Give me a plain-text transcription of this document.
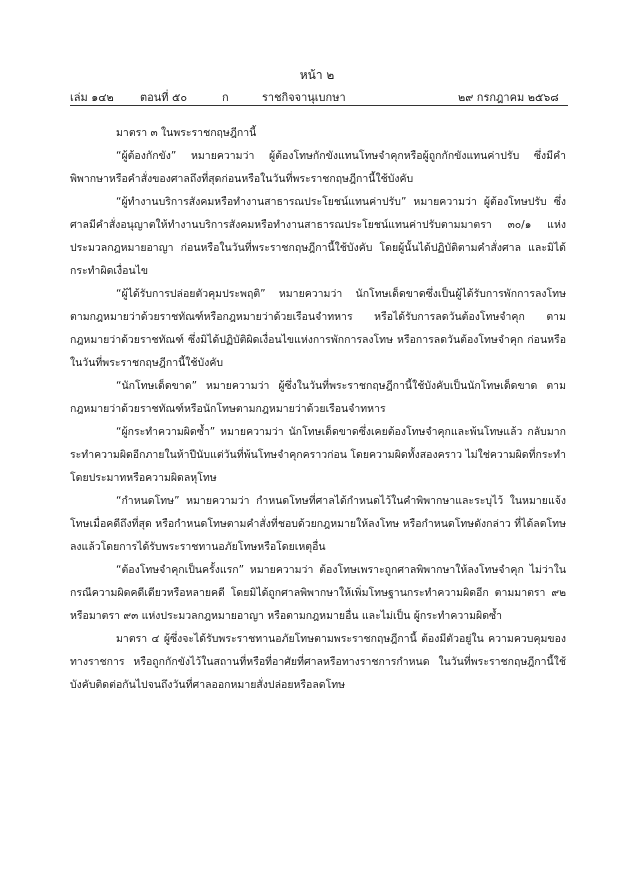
หน้า ๒
เล่ม ๑๔๒ ตอนที่ ๕๐	ก	ราชกิจจานุเบกษา	๒๙ กรกฎาคม ๒๕๖๘

มาตรา ๓ ในพระราชกฤษฎีกานี้

“ผู้ต้องกักขัง” หมายความว่า ผู้ต้องโทษกักขังแทนโทษจำคุกหรือผู้ถูกกักขังแทนค่าปรับ ซึ่งมีคำพิพากษาหรือคำสั่งของศาลถึงที่สุดก่อนหรือในวันที่พระราชกฤษฎีกานี้ใช้บังคับ

“ผู้ทำงานบริการสังคมหรือทำงานสาธารณประโยชน์แทนค่าปรับ” หมายความว่า ผู้ต้องโทษปรับ ซึ่งศาลมีคำสั่งอนุญาตให้ทำงานบริการสังคมหรือทำงานสาธารณประโยชน์แทนค่าปรับตามมาตรา ๓๐/๑ แห่งประมวลกฎหมายอาญา ก่อนหรือในวันที่พระราชกฤษฎีกานี้ใช้บังคับ โดยผู้นั้นได้ปฏิบัติตามคำสั่งศาล และมิได้กระทำผิดเงื่อนไข

“ผู้ได้รับการปล่อยตัวคุมประพฤติ” หมายความว่า นักโทษเด็ดขาดซึ่งเป็นผู้ได้รับการพักการลงโทษ ตามกฎหมายว่าด้วยราชทัณฑ์หรือกฎหมายว่าด้วยเรือนจำทหาร หรือได้รับการลดวันต้องโทษจำคุก ตามกฎหมายว่าด้วยราชทัณฑ์ ซึ่งมิได้ปฏิบัติผิดเงื่อนไขแห่งการพักการลงโทษ หรือการลดวันต้องโทษจำคุก ก่อนหรือในวันที่พระราชกฤษฎีกานี้ใช้บังคับ

“นักโทษเด็ดขาด” หมายความว่า ผู้ซึ่งในวันที่พระราชกฤษฎีกานี้ใช้บังคับเป็นนักโทษเด็ดขาด ตามกฎหมายว่าด้วยราชทัณฑ์หรือนักโทษตามกฎหมายว่าด้วยเรือนจำทหาร

“ผู้กระทำความผิดซ้ำ” หมายความว่า นักโทษเด็ดขาดซึ่งเคยต้องโทษจำคุกและพ้นโทษแล้ว กลับมากระทำความผิดอีกภายในห้าปีนับแต่วันที่พ้นโทษจำคุกคราวก่อน โดยความผิดทั้งสองคราว ไม่ใช่ความผิดที่กระทำโดยประมาทหรือความผิดลหุโทษ

“กำหนดโทษ” หมายความว่า กำหนดโทษที่ศาลได้กำหนดไว้ในคำพิพากษาและระบุไว้ ในหมายแจ้งโทษเมื่อคดีถึงที่สุด หรือกำหนดโทษตามคำสั่งที่ชอบด้วยกฎหมายให้ลงโทษ หรือกำหนดโทษดังกล่าว ที่ได้ลดโทษลงแล้วโดยการได้รับพระราชทานอภัยโทษหรือโดยเหตุอื่น

“ต้องโทษจำคุกเป็นครั้งแรก” หมายความว่า ต้องโทษเพราะถูกศาลพิพากษาให้ลงโทษจำคุก ไม่ว่าในกรณีความผิดคดีเดียวหรือหลายคดี โดยมิได้ถูกศาลพิพากษาให้เพิ่มโทษฐานกระทำความผิดอีก ตามมาตรา ๙๒ หรือมาตรา ๙๓ แห่งประมวลกฎหมายอาญา หรือตามกฎหมายอื่น และไม่เป็น ผู้กระทำความผิดซ้ำ

มาตรา ๔ ผู้ซึ่งจะได้รับพระราชทานอภัยโทษตามพระราชกฤษฎีกานี้ ต้องมีตัวอยู่ใน ความควบคุมของทางราชการ หรือถูกกักขังไว้ในสถานที่หรือที่อาศัยที่ศาลหรือทางราชการกำหนด ในวันที่พระราชกฤษฎีกานี้ใช้บังคับติดต่อกันไปจนถึงวันที่ศาลออกหมายสั่งปล่อยหรือลดโทษ
